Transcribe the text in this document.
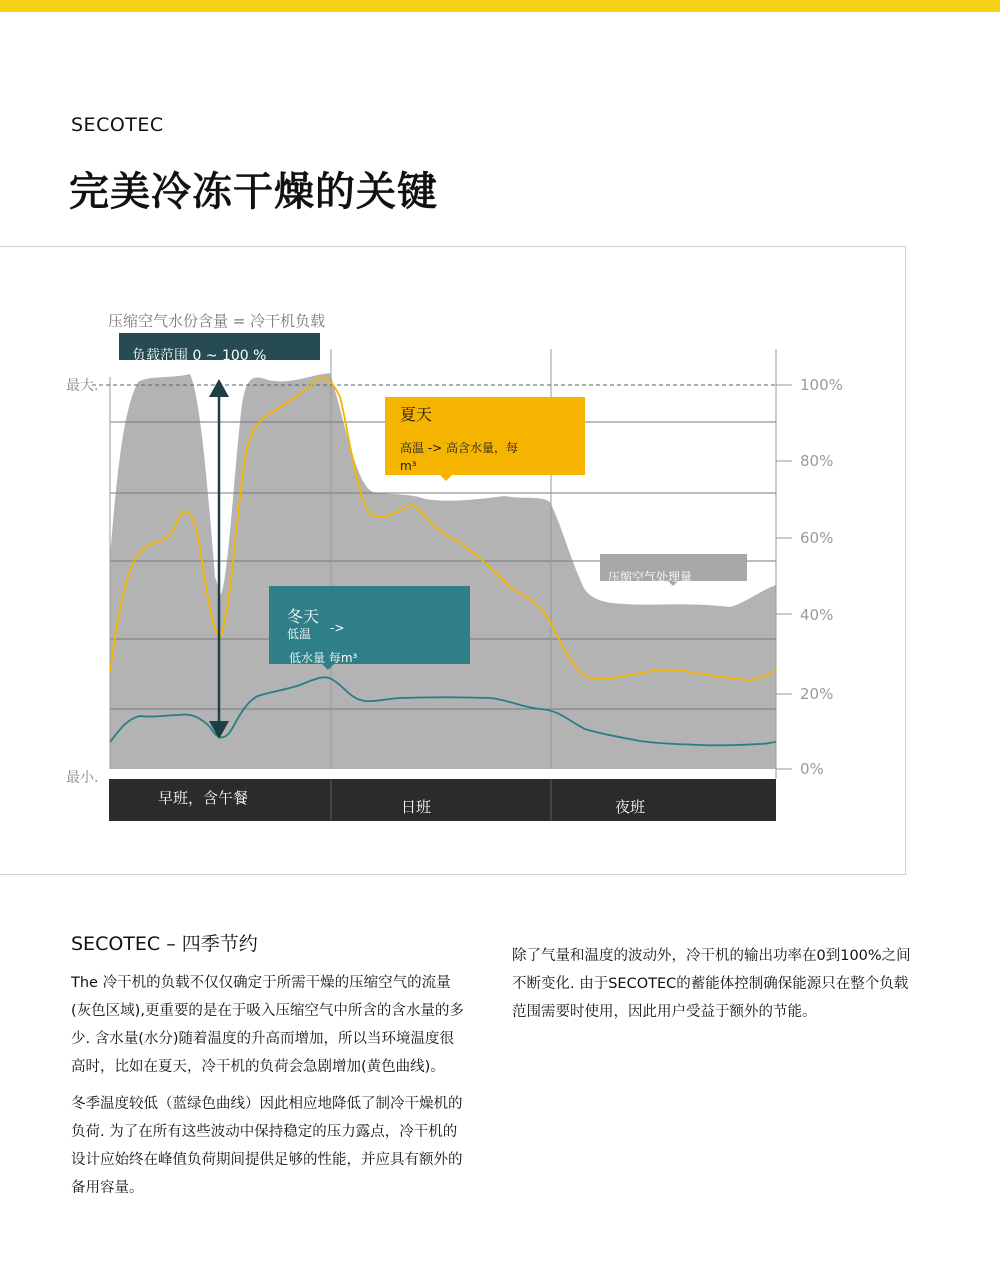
SECOTEC
完美冷冻干燥的关键
负载范围 0 ~ 100 %
压缩空气水份含量 = 冷干机负载
最大.
最小.
100%
80%
60%
40%
20%
0%
夏天
高温 -> 高含水量，每
m³
冬天
低温 ->
低水量 每m³
压缩空气处理量
早班，含午餐	日班	夜班
SECOTEC – 四季节约

The 冷干机的负载不仅仅确定于所需干燥的压缩空气的流量(灰色区域),更重要的是在于吸入压缩空气中所含的含水量的多少. 含水量(水分)随着温度的升高而增加，所以当环境温度很高时，比如在夏天，冷干机的负荷会急剧增加(黄色曲线)。

冬季温度较低（蓝绿色曲线）因此相应地降低了制冷干燥机的负荷. 为了在所有这些波动中保持稳定的压力露点，冷干机的设计应始终在峰值负荷期间提供足够的性能，并应具有额外的备用容量。

除了气量和温度的波动外，冷干机的输出功率在0到100%之间不断变化. 由于SECOTEC的蓄能体控制确保能源只在整个负载范围需要时使用，因此用户受益于额外的节能。
